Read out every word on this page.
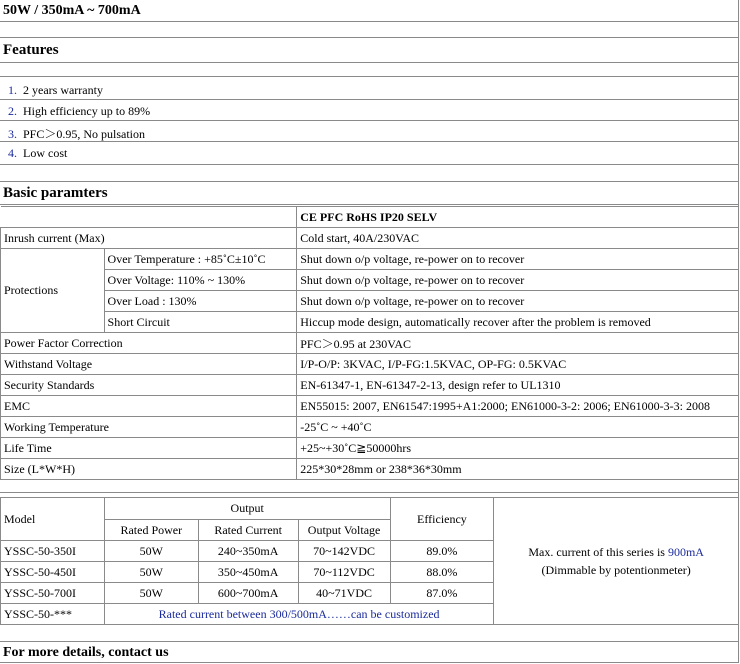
50W / 350mA ~ 700mA
Features
1. 2 years warranty
2. High efficiency up to 89%
3. PFC＞0.95, No pulsation
4. Low cost
Basic paramters
		CE PFC RoHS IP20 SELV
Inrush current (Max)		Cold start, 40A/230VAC
Protections	Over Temperature : +85˚C±10˚C	Shut down o/p voltage, re-power on to recover
	Over Voltage: 110% ~ 130%	Shut down o/p voltage, re-power on to recover
	Over Load : 130%	Shut down o/p voltage, re-power on to recover
	Short Circuit	Hiccup mode design, automatically recover after the problem is removed
Power Factor Correction		PFC＞0.95 at 230VAC
Withstand Voltage		I/P-O/P: 3KVAC, I/P-FG:1.5KVAC, OP-FG: 0.5KVAC
Security Standards		EN-61347-1, EN-61347-2-13, design refer to UL1310
EMC		EN55015: 2007, EN61547:1995+A1:2000; EN61000-3-2: 2006; EN61000-3-3: 2008
Working Temperature		-25˚C ~ +40˚C
Life Time		+25~+30˚C≧50000hrs
Size (L*W*H)		225*30*28mm or 238*36*30mm
Model	Output			Efficiency	Max. current of this series is 900mA
(Dimmable by potentionmeter)
	Rated Power	Rated Current	Output Voltage		
YSSC-50-350I	50W	240~350mA	70~142VDC	89.0%	
YSSC-50-450I	50W	350~450mA	70~112VDC	88.0%	
YSSC-50-700I	50W	600~700mA	40~71VDC	87.0%	
YSSC-50-***	Rated current between 300/500mA……can be customized				
For more details, contact us
